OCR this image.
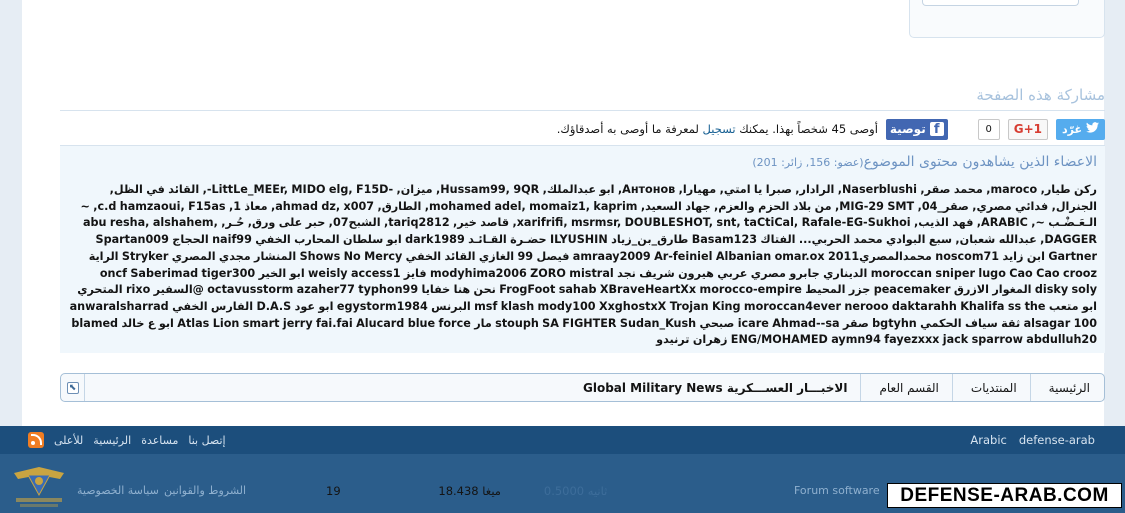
مشاركة هذه الصفحة
غرّد
G+1
0
f
توصية
أوصى 45 شخصاً بهذا. يمكنك تسجيل لمعرفة ما أوصى به أصدقاؤك.
الاعضاء الذين يشاهدون محتوى الموضوع(عضو: 156, زائر: 201)
ركن طيار, maroco, محمد صقر, Naserblushi, الرادار, صبرا يا امتي, مهيارا, Антонов, ابو عبدالملك, Hussam99, 9QR, ميزان, -LittLe_MEEr, MIDO elg, F15D-, القائد في الظل, الجنرال, فدائي مصري, صقر_04, MIG-29 SMT, من بلاد الحزم والعزم, جهاد السعيد, mohamed adel, momaiz1, kaprim, الطارق, ahmad dz, x007, معاذ 1, c.d hamzaoui, F15as, ~ الـعَـضْـب ~, ARABIC, فهد الذيب, xarifrifi, msrmsr, DOUBLESHOT, snt, taCtiCal, Rafale-EG-Sukhoi, قاصد خير, tariq2812, الشبح07, حبر على ورق, حُـر, abu resha, alshahem, DAGGER, عبدالله شعبان, سبع البوادي محمد الحربي... الفتاك Basam123 طارق_بن_زياد ILYUSHIN حضـرة القـائـد dark1989 ابو سلطان المحارب الخفي naif99 الحجاج Spartan009 Gartner ابن زايد noscom71 محمدالمصري2011 amraay2009 Ar-feiniel Albanian omar.ox فيصل 99 الغازي القائد الخفي Shows No Mercy المنشار مجدي المصري Stryker الراية moroccan sniper lugo Cao Cao crooz الديناري جابرو مصري عربي هيرون شريف نجد modyhima2006 ZORO mistral فايز weisly access1 ابو الخير oncf Saberimad tiger300 disky soly المغوار الازرق peacemaker جزر المحيط FrogFoot sahab XBraveHeartXx morocco-empire نحن هنا خفايا octavusstorm azaher77 typhon99 @السفير rixo المتحري ابو متعب msf klash mody100 XxghostxX Trojan King moroccan4ever nerooo daktarahh Khalifa ss the البرنس egystorm1984 ابو عود D.A.S الفارس الخفي anwaralsharrad alsagar 100 ثقة سياف الحكمي bgtyhn صقر icare Ahmad--sa صبحي stouph SA FIGHTER Sudan_Kush مار Atlas Lion smart jerry fai.fai Alucard blue force ابو ع خالد blamed ENG/MOHAMED aymn94 fayezxxx jack sparrow abdulluh20 زهران ترنيدو
الرئيسية
المنتديات
القسم العام
الاخبـــار العســـكرية Global Military News
⬉
للأعلى الرئيسية مساعدة إتصل بنا	defense-arab
Arabic
سياسة الخصوصية الشروط والقوانين	19
	18.438 ميغا
	0.5000 ثانيه	Forum software	DEFENSE-ARAB.COM
